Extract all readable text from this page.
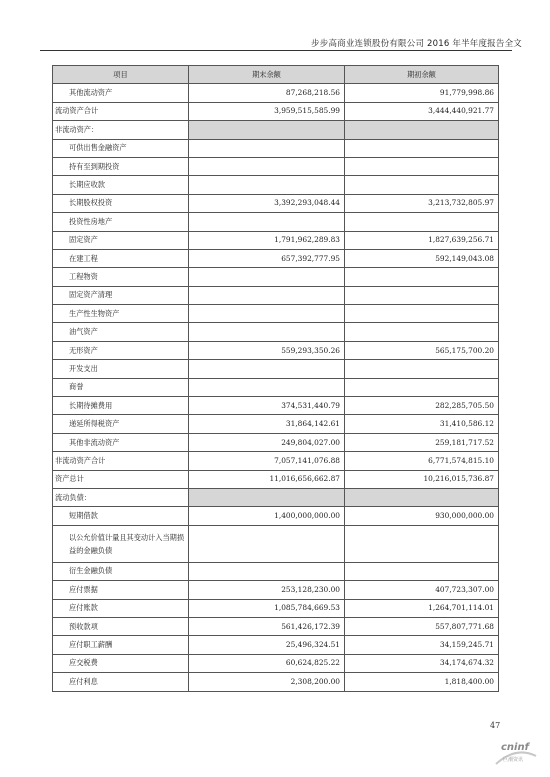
步步高商业连锁股份有限公司 2016 年半年度报告全文
项目	期末余额	期初余额
其他流动资产	87,268,218.56	91,779,998.86
流动资产合计	3,959,515,585.99	3,444,440,921.77
非流动资产：		
可供出售金融资产		
持有至到期投资		
长期应收款		
长期股权投资	3,392,293,048.44	3,213,732,805.97
投资性房地产		
固定资产	1,791,962,289.83	1,827,639,256.71
在建工程	657,392,777.95	592,149,043.08
工程物资		
固定资产清理		
生产性生物资产		
油气资产		
无形资产	559,293,350.26	565,175,700.20
开发支出		
商誉		
长期待摊费用	374,531,440.79	282,285,705.50
递延所得税资产	31,864,142.61	31,410,586.12
其他非流动资产	249,804,027.00	259,181,717.52
非流动资产合计	7,057,141,076.88	6,771,574,815.10
资产总计	11,016,656,662.87	10,216,015,736.87
流动负债：		
短期借款	1,400,000,000.00	930,000,000.00
以公允价值计量且其变动计入当期损益的金融负债		
衍生金融负债		
应付票据	253,128,230.00	407,723,307.00
应付账款	1,085,784,669.53	1,264,701,114.01
预收款项	561,426,172.39	557,807,771.68
应付职工薪酬	25,496,324.51	34,159,245.71
应交税费	60,624,825.22	34,174,674.32
应付利息	2,308,200.00	1,818,400.00
47
cninf
巨潮资讯
